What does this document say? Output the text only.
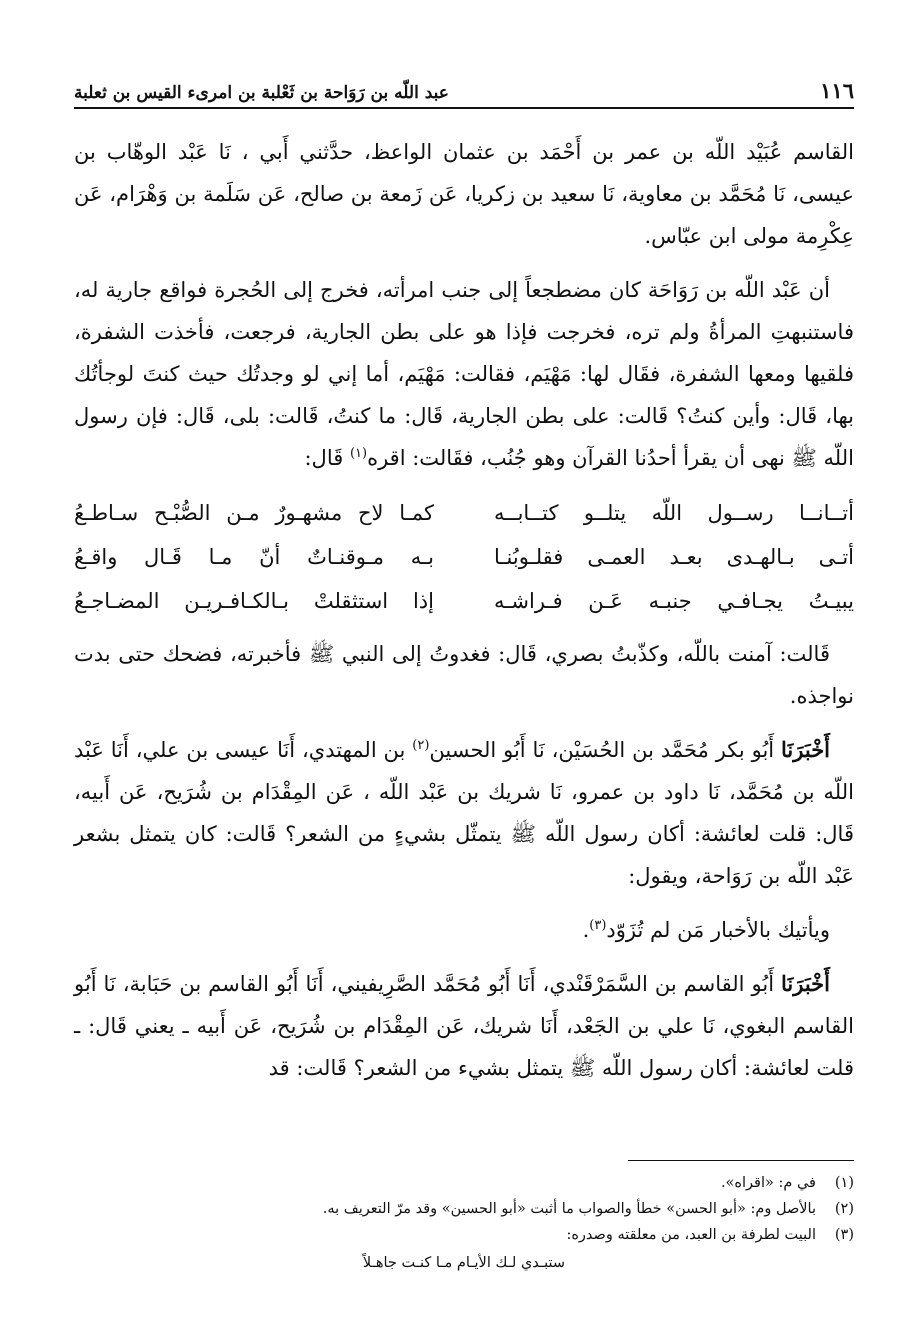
١١٦
عبد اللّه بن رَوَاحة بن ثَعْلبة بن امرىء القيس بن ثعلبة

القاسم عُبَيْد اللّه بن عمر بن أَحْمَد بن عثمان الواعظ، حدَّثني أَبي ، نَا عَبْد الوهّاب بن عيسى، نَا مُحَمَّد بن معاوية، نَا سعيد بن زكريا، عَن زَمعة بن صالح، عَن سَلَمة بن وَهْرَام، عَن عِكْرِمة مولى ابن عبّاس.

أن عَبْد اللّه بن رَوَاحَة كان مضطجعاً إلى جنب امرأته، فخرج إلى الحُجرة فواقع جارية له، فاستنبهتِ المرأةُ ولم تره، فخرجت فإذا هو على بطن الجارية، فرجعت، فأخذت الشفرة، فلقيها ومعها الشفرة، فقَال لها: مَهْيَم، فقالت: مَهْيَم، أما إني لو وجدتُك حيث كنتَ لوجأتُك بها، قَال: وأين كنتُ؟ قَالت: على بطن الجارية، قَال: ما كنتُ، قَالت: بلى، قَال: فإن رسول اللّه ﷺ نهى أن يقرأ أحدُنا القرآن وهو جُنُب، فقَالت: اقره$^{(١)}$ قَال:

أتــانــا رســول اللّه يتلــو كتــابــه
كمـا لاح مشهـورٌ مـن الصُّبْـح سـاطـعُ
أتـى بـالهـدى بعـد العمـى فقلـوبُنـا
بـه مـوقنـاتٌ أنّ مـا قَـال واقـعُ
يبيـتُ يجـافـي جنبـه عَـن فـراشـه
إذا استثقلتْ بـالكـافـريـن المضـاجـعُ

قَالت: آمنت باللّه، وكذّبتُ بصري، قَال: فغدوتُ إلى النبي ﷺ فأخبرته، فضحك حتى بدت نواجذه.

أَخْبَرَنَا أَبُو بكر مُحَمَّد بن الحُسَيْن، نَا أَبُو الحسين$^{(٢)}$ بن المهتدي، أَنَا عيسى بن علي، أَنَا عَبْد اللّه بن مُحَمَّد، نَا داود بن عمرو، نَا شريك بن عَبْد اللّه ، عَن المِقْدَام بن شُرَيح، عَن أَبيه، قَال: قلت لعائشة: أكان رسول اللّه ﷺ يتمثّل بشيءٍ من الشعر؟ قَالت: كان يتمثل بشعر عَبْد اللّه بن رَوَاحة، ويقول:

ويأتيك بالأخبار مَن لم تُزَوّد$^{(٣)}$.

أَخْبَرَنَا أَبُو القاسم بن السَّمَرْقَنْدي، أَنَا أَبُو مُحَمَّد الصَّرِيفيني، أَنَا أَبُو القاسم بن حَبَابة، نَا أَبُو القاسم البغوي، نَا علي بن الجَعْد، أَنَا شريك، عَن المِقْدَام بن شُرَيح، عَن أَبيه ـ يعني قَال: ـ قلت لعائشة: أكان رسول اللّه ﷺ يتمثل بشيء من الشعر؟ قَالت: قد

(١)
في م: «اقراه».
(٢)
بالأصل وم: «أبو الحسن» خطأ والصواب ما أثبت «أبو الحسين» وقد مرّ التعريف به.
(٣)
البيت لطرفة بن العبد، من معلقته وصدره:
ستبـدي لـك الأيـام مـا كنـت جاهـلاً
